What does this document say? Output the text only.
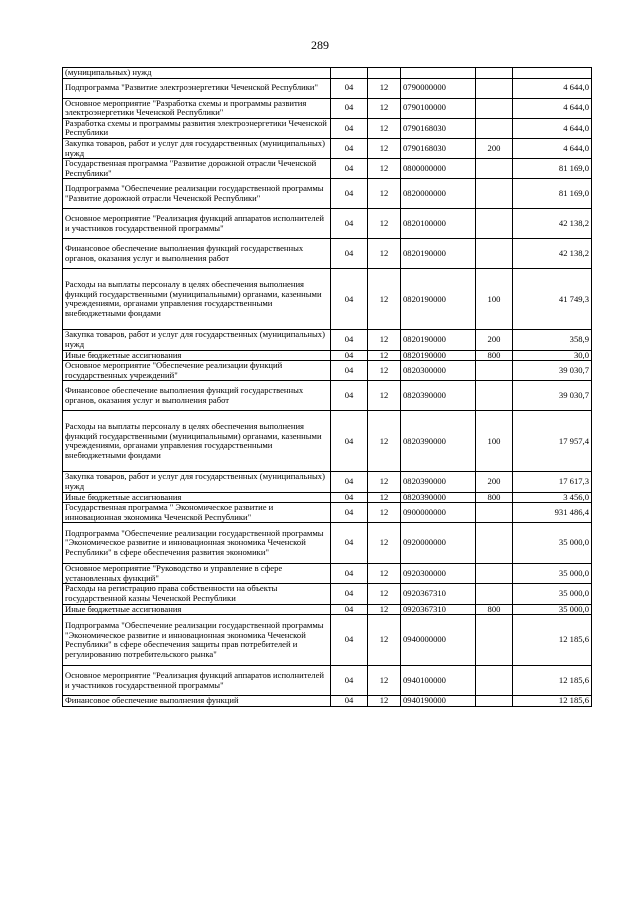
289
(муниципальных) нужд					
Подпрограмма "Развитие электроэнергетики Чеченской Республики"	04	12	0790000000		4 644,0
Основное мероприятие "Разработка схемы и программы развития электроэнергетики Чеченской Республики"	04	12	0790100000		4 644,0
Разработка схемы и программы развития электроэнергетики Чеченской Республики	04	12	0790168030		4 644,0
Закупка товаров, работ и услуг для государственных (муниципальных) нужд	04	12	0790168030	200	4 644,0
Государственная программа "Развитие дорожной отрасли Чеченской Республики"	04	12	0800000000		81 169,0
Подпрограмма "Обеспечение реализации государственной программы "Развитие дорожной отрасли Чеченской Республики"	04	12	0820000000		81 169,0
Основное мероприятие "Реализация функций аппаратов исполнителей и участников государственной программы"	04	12	0820100000		42 138,2
Финансовое обеспечение выполнения функций государственных органов, оказания услуг и выполнения работ	04	12	0820190000		42 138,2
Расходы на выплаты персоналу в целях обеспечения выполнения функций государственными (муниципальными) органами, казенными учреждениями, органами управления государственными внебюджетными фондами	04	12	0820190000	100	41 749,3
Закупка товаров, работ и услуг для государственных (муниципальных) нужд	04	12	0820190000	200	358,9
Иные бюджетные ассигнования	04	12	0820190000	800	30,0
Основное мероприятие "Обеспечение реализации функций государственных учреждений"	04	12	0820300000		39 030,7
Финансовое обеспечение выполнения функций государственных органов, оказания услуг и выполнения работ	04	12	0820390000		39 030,7
Расходы на выплаты персоналу в целях обеспечения выполнения функций государственными (муниципальными) органами, казенными учреждениями, органами управления государственными внебюджетными фондами	04	12	0820390000	100	17 957,4
Закупка товаров, работ и услуг для государственных (муниципальных) нужд	04	12	0820390000	200	17 617,3
Иные бюджетные ассигнования	04	12	0820390000	800	3 456,0
Государственная программа " Экономическое развитие и инновационная экономика Чеченской Республики"	04	12	0900000000		931 486,4
Подпрограмма "Обеспечение реализации государственной программы "Экономическое развитие и инновационная экономика Чеченской Республики" в сфере обеспечения развития экономики"	04	12	0920000000		35 000,0
Основное мероприятие "Руководство и управление в сфере установленных функций"	04	12	0920300000		35 000,0
Расходы на регистрацию права собственности на объекты государственной казны Чеченской Республики	04	12	0920367310		35 000,0
Иные бюджетные ассигнования	04	12	0920367310	800	35 000,0
Подпрограмма "Обеспечение реализации государственной программы "Экономическое развитие и инновационная экономика Чеченской Республики" в сфере обеспечения защиты прав потребителей и регулированию потребительского рынка"	04	12	0940000000		12 185,6
Основное мероприятие "Реализация функций аппаратов исполнителей и участников государственной программы"	04	12	0940100000		12 185,6
Финансовое обеспечение выполнения функций	04	12	0940190000		12 185,6
